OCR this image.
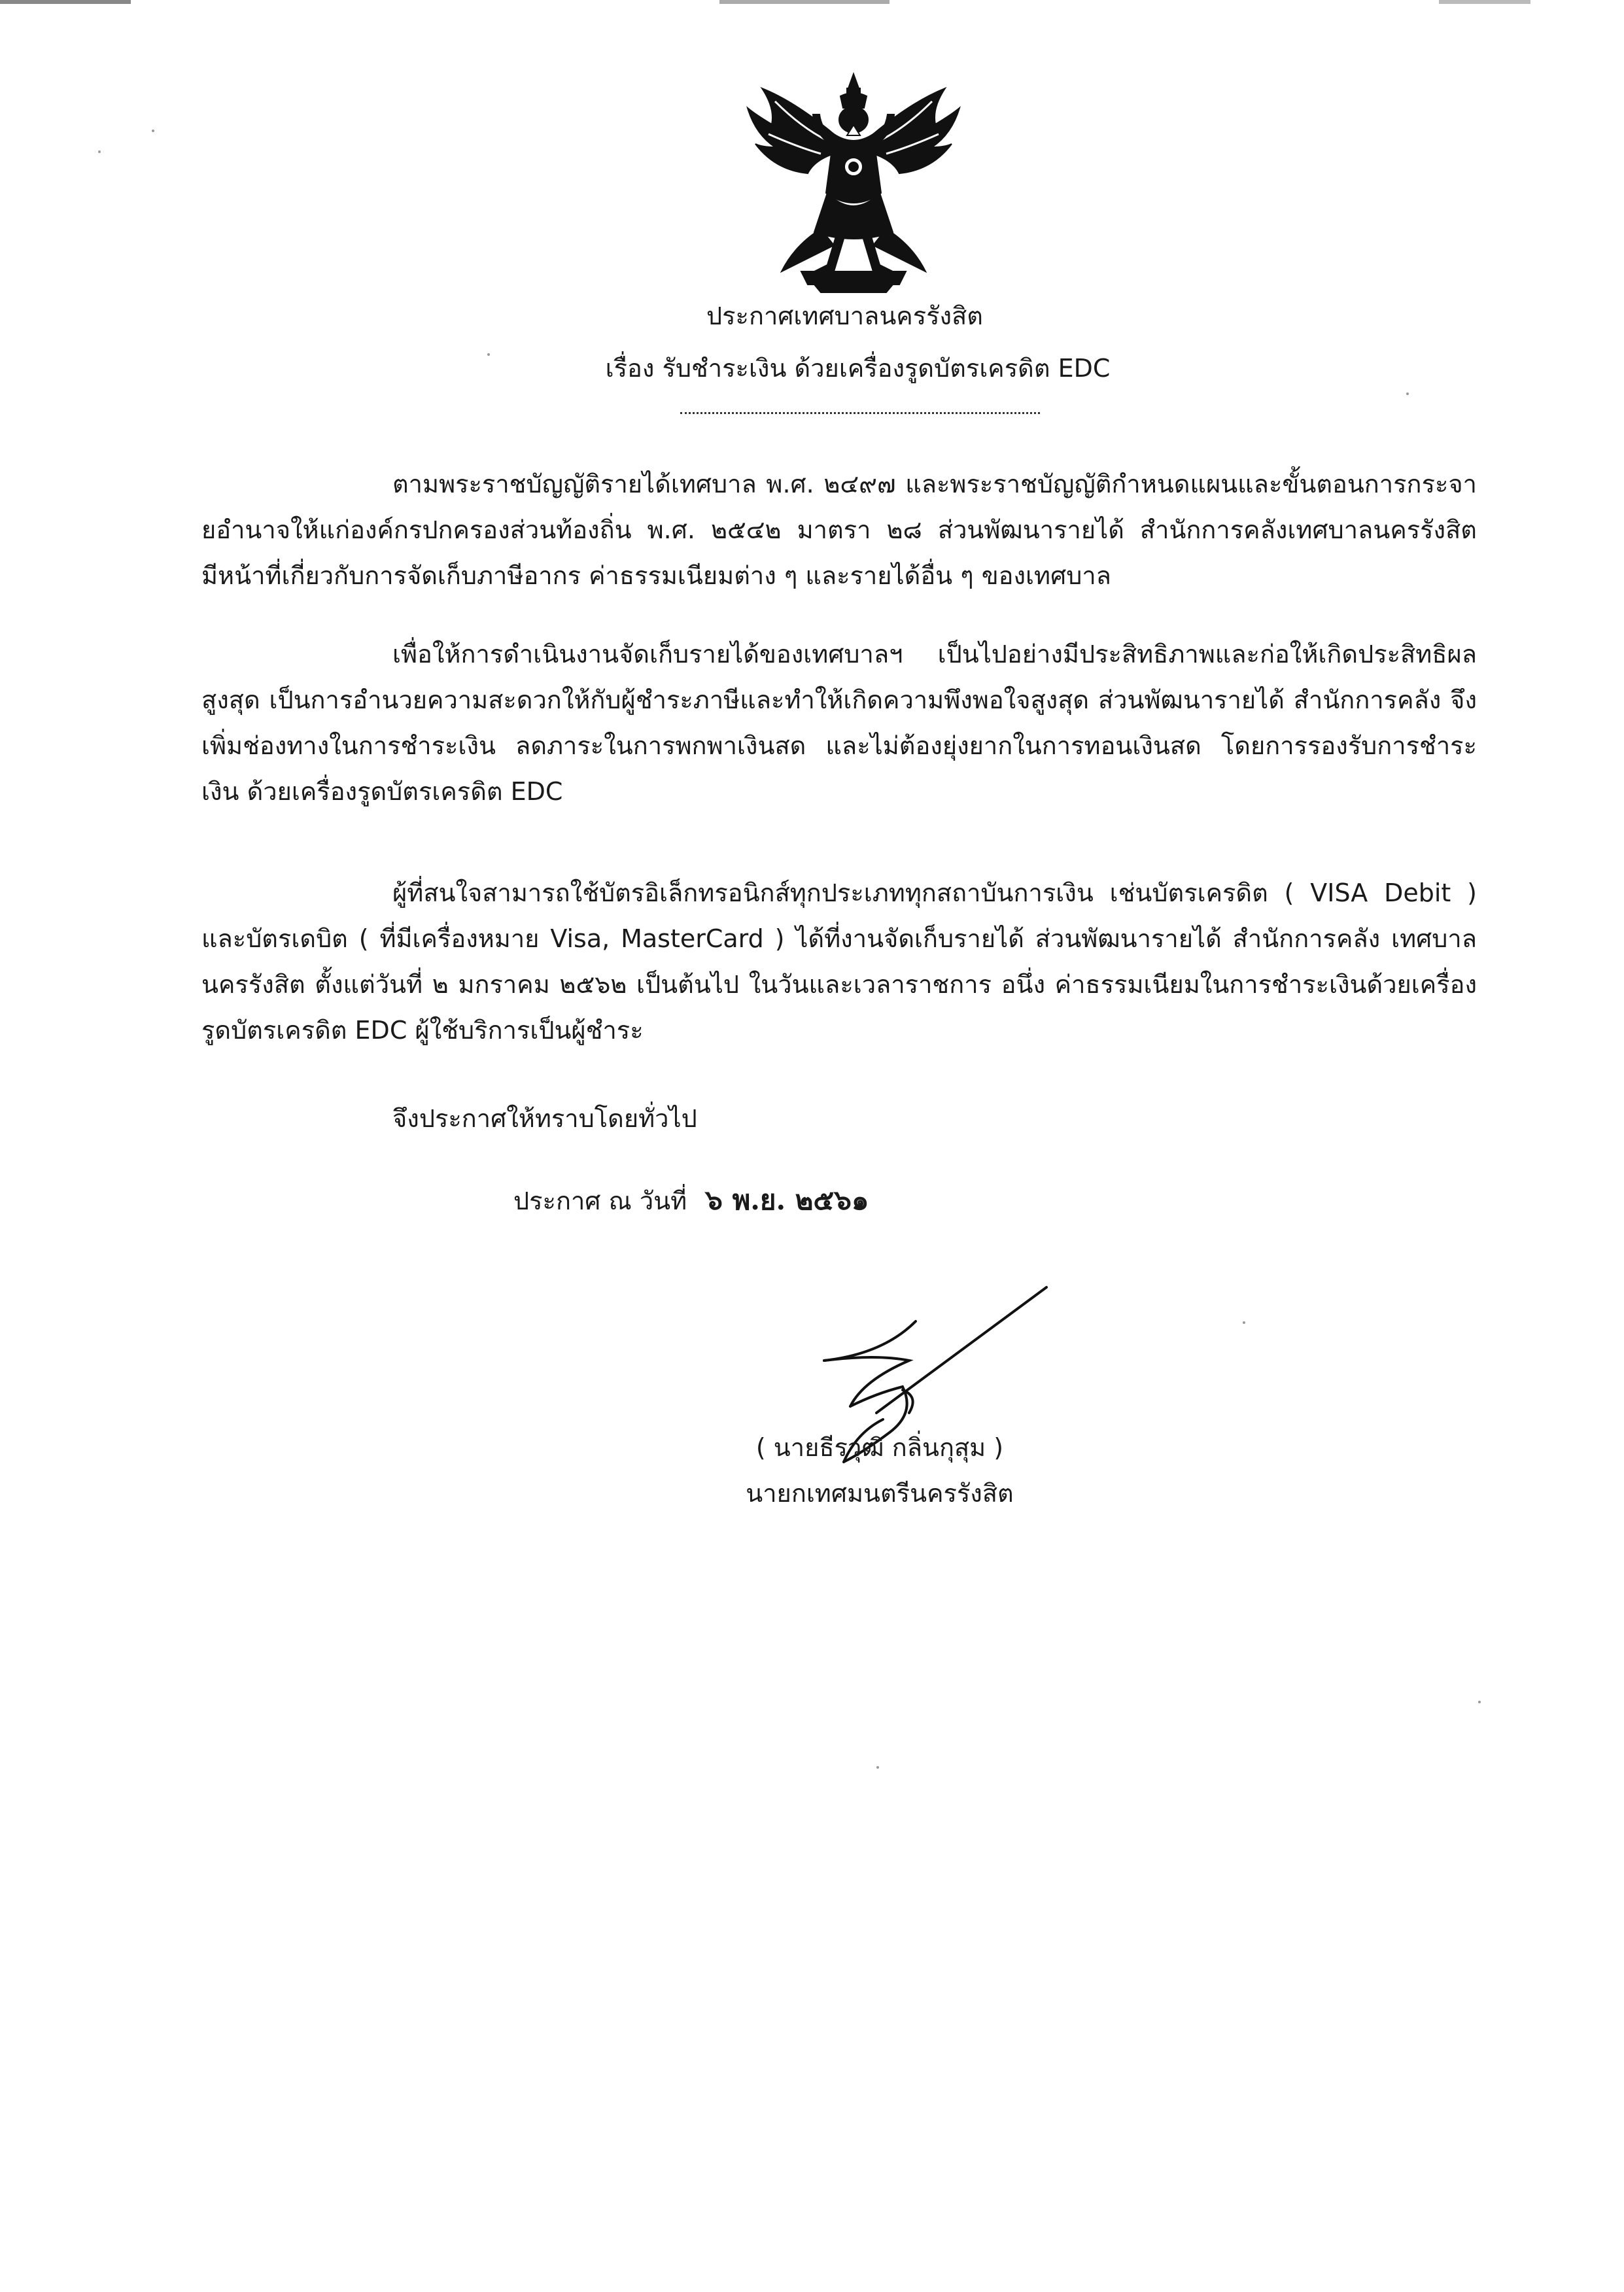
ประกาศเทศบาลนครรังสิต
เรื่อง รับชำระเงิน ด้วยเครื่องรูดบัตรเครดิต EDC

ตามพระราชบัญญัติรายได้เทศบาล พ.ศ. ๒๔๙๗ และพระราชบัญญัติกำหนดแผนและขั้นตอนการกระจายอำนาจให้แก่องค์กรปกครองส่วนท้องถิ่น พ.ศ. ๒๕๔๒ มาตรา ๒๘ ส่วนพัฒนารายได้ สำนักการคลังเทศบาลนครรังสิต มีหน้าที่เกี่ยวกับการจัดเก็บภาษีอากร ค่าธรรมเนียมต่าง ๆ และรายได้อื่น ๆ ของเทศบาล

เพื่อให้การดำเนินงานจัดเก็บรายได้ของเทศบาลฯ เป็นไปอย่างมีประสิทธิภาพและก่อให้เกิดประสิทธิผลสูงสุด เป็นการอำนวยความสะดวกให้กับผู้ชำระภาษีและทำให้เกิดความพึงพอใจสูงสุด ส่วนพัฒนารายได้ สำนักการคลัง จึงเพิ่มช่องทางในการชำระเงิน ลดภาระในการพกพาเงินสด และไม่ต้องยุ่งยากในการทอนเงินสด โดยการรองรับการชำระเงิน ด้วยเครื่องรูดบัตรเครดิต EDC

ผู้ที่สนใจสามารถใช้บัตรอิเล็กทรอนิกส์ทุกประเภททุกสถาบันการเงิน เช่นบัตรเครดิต ( VISA Debit ) และบัตรเดบิต ( ที่มีเครื่องหมาย Visa, MasterCard ) ได้ที่งานจัดเก็บรายได้ ส่วนพัฒนารายได้ สำนักการคลัง เทศบาลนครรังสิต ตั้งแต่วันที่ ๒ มกราคม ๒๕๖๒ เป็นต้นไป ในวันและเวลาราชการ อนึ่ง ค่าธรรมเนียมในการชำระเงินด้วยเครื่องรูดบัตรเครดิต EDC ผู้ใช้บริการเป็นผู้ชำระ

จึงประกาศให้ทราบโดยทั่วไป
ประกาศ ณ วันที่ ๖ พ.ย. ๒๕๖๑
( นายธีรวุฒิ กลิ่นกุสุม )
นายกเทศมนตรีนครรังสิต
